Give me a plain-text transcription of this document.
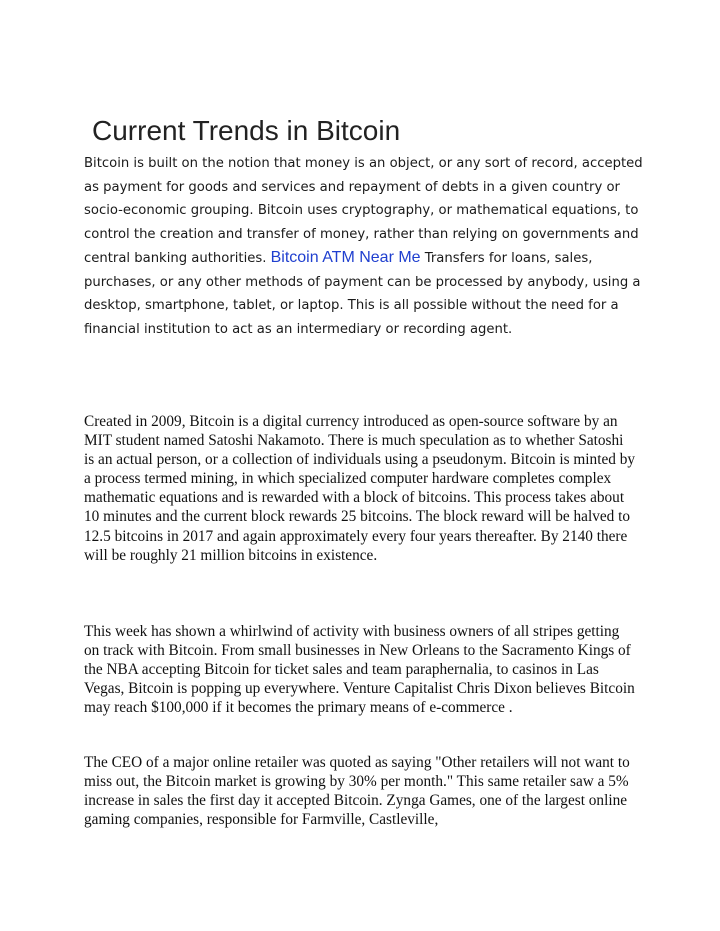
Current Trends in Bitcoin

Bitcoin is built on the notion that money is an object, or any sort of record, accepted as payment for goods and services and repayment of debts in a given country or socio-economic grouping. Bitcoin uses cryptography, or mathematical equations, to control the creation and transfer of money, rather than relying on governments and central banking authorities. Bitcoin ATM Near Me Transfers for loans, sales, purchases, or any other methods of payment can be processed by anybody, using a desktop, smartphone, tablet, or laptop. This is all possible without the need for a financial institution to act as an intermediary or recording agent.

Created in 2009, Bitcoin is a digital currency introduced as open-source software by an MIT student named Satoshi Nakamoto. There is much speculation as to whether Satoshi is an actual person, or a collection of individuals using a pseudonym. Bitcoin is minted by a process termed mining, in which specialized computer hardware completes complex mathematic equations and is rewarded with a block of bitcoins. This process takes about 10 minutes and the current block rewards 25 bitcoins. The block reward will be halved to 12.5 bitcoins in 2017 and again approximately every four years thereafter. By 2140 there will be roughly 21 million bitcoins in existence.

This week has shown a whirlwind of activity with business owners of all stripes getting on track with Bitcoin. From small businesses in New Orleans to the Sacramento Kings of the NBA accepting Bitcoin for ticket sales and team paraphernalia, to casinos in Las Vegas, Bitcoin is popping up everywhere. Venture Capitalist Chris Dixon believes Bitcoin may reach $100,000 if it becomes the primary means of e-commerce .

The CEO of a major online retailer was quoted as saying "Other retailers will not want to miss out, the Bitcoin market is growing by 30% per month." This same retailer saw a 5% increase in sales the first day it accepted Bitcoin. Zynga Games, one of the largest online gaming companies, responsible for Farmville, Castleville,
